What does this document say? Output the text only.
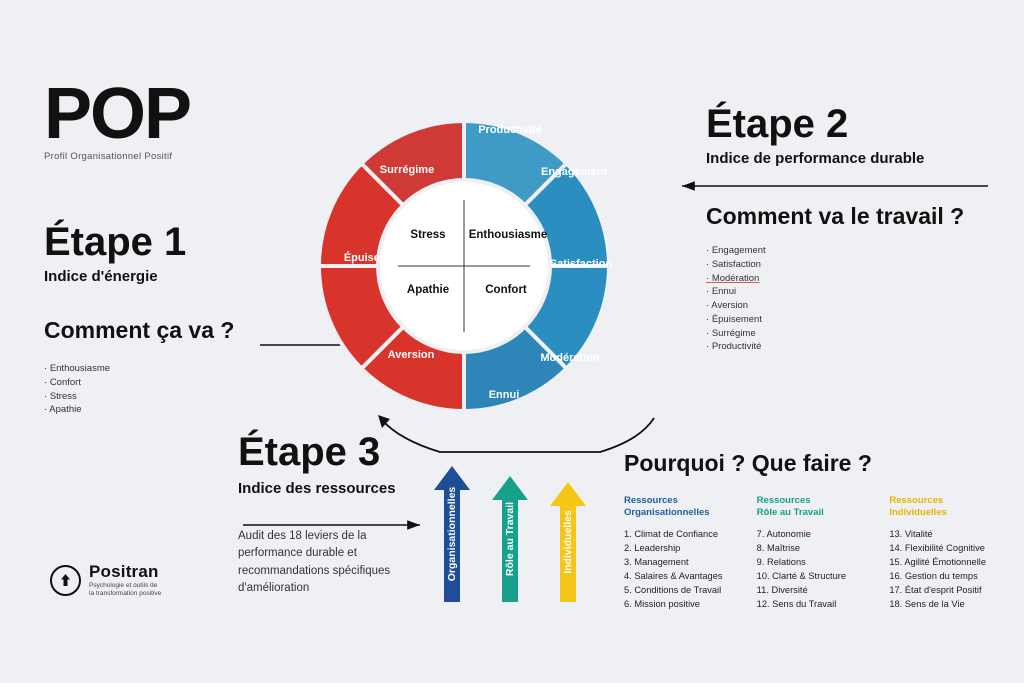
POP
Profil Organisationnel Positif
Étape 1
Indice d'énergie
Comment ça va ?
· Enthousiasme
· Confort
· Stress
· Apathie
Étape 2
Indice de performance durable
Comment va le travail ?
· Engagement
· Satisfaction
· Modération
· Ennui
· Aversion
· Épuisement
· Surrégime
· Productivité
Étape 3
Indice des ressources
Audit des 18 leviers de la performance durable et recommandations spécifiques d'amélioration
Productivité
Engagement
Satisfaction
Modération
Ennui
Aversion
Épuisement
Surrégime
Stress Enthousiasme
Apathie	Confort
Organisationnelles	Rôle au Travail	Individuelles
Pourquoi ? Que faire ?
Ressources
Organisationnelles
1. Climat de Confiance
2. Leadership
3. Management
4. Salaires & Avantages
5. Conditions de Travail
6. Mission positive
Ressources
Rôle au Travail
7. Autonomie
8. Maîtrise
9. Relations
10. Clarté & Structure
11. Diversité
12. Sens du Travail
Ressources
Individuelles
13. Vitalité
14. Flexibilité Cognitive
15. Agilité Émotionnelle
16. Gestion du temps
17. État d'esprit Positif
18. Sens de la Vie
Positran
Psychologie et outils de
la transformation positive
